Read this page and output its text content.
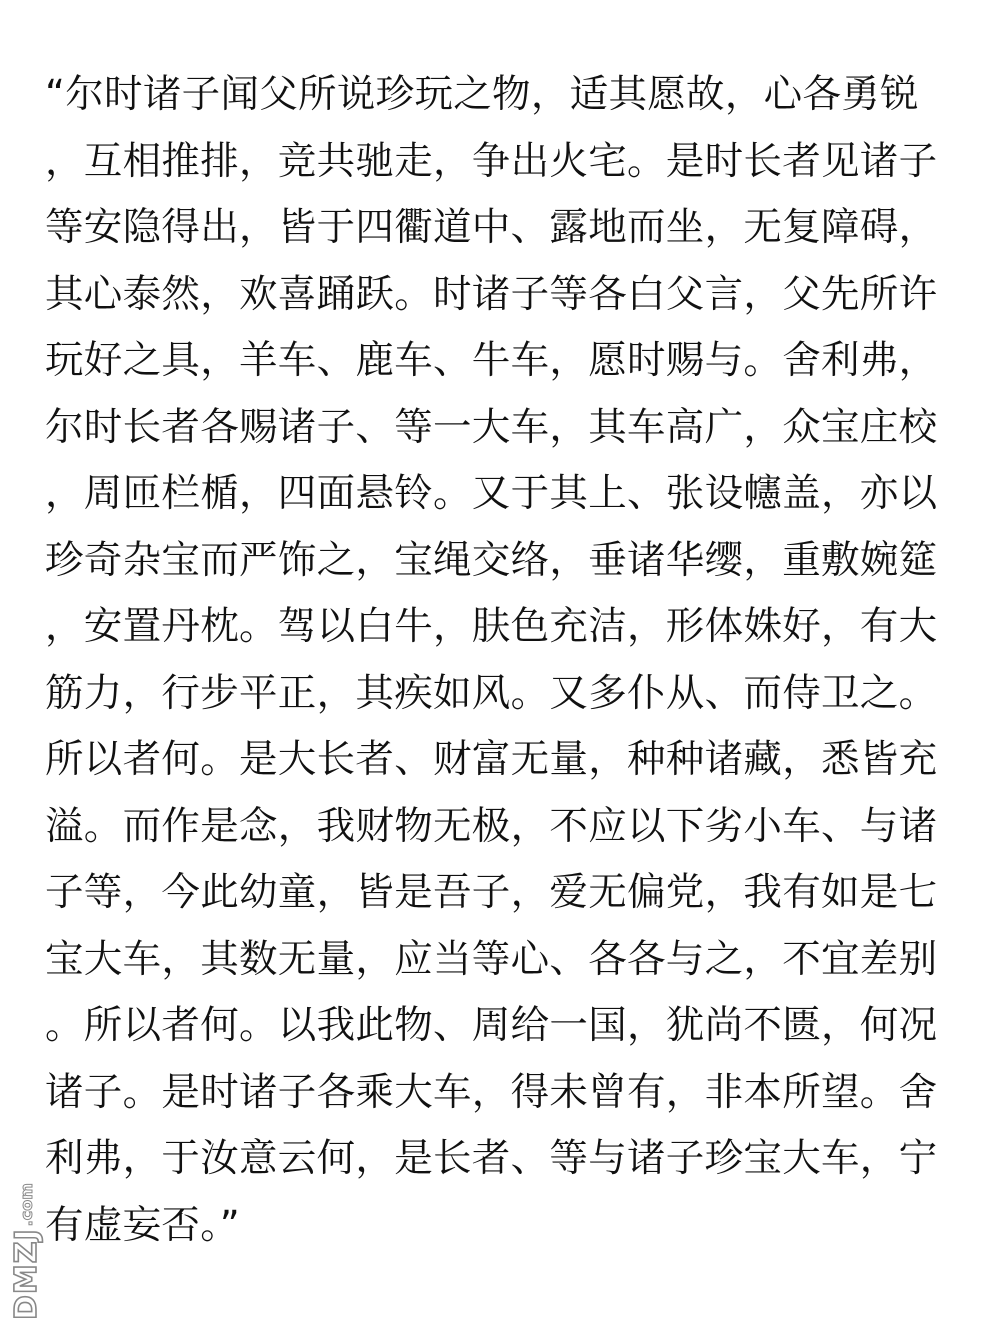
“尔时诸子闻父所说珍玩之物，适其愿故，心各勇锐
，互相推排，竞共驰走，争出火宅。是时长者见诸子
等安隐得出，皆于四衢道中、露地而坐，无复障碍，
其心泰然，欢喜踊跃。时诸子等各白父言，父先所许
玩好之具，羊车、鹿车、牛车，愿时赐与。舍利弗，
尔时长者各赐诸子、等一大车，其车高广，众宝庄校
，周匝栏楯，四面悬铃。又于其上、张设幰盖，亦以
珍奇杂宝而严饰之，宝绳交络，垂诸华缨，重敷婉筵
，安置丹枕。驾以白牛，肤色充洁，形体姝好，有大
筋力，行步平正，其疾如风。又多仆从、而侍卫之。
所以者何。是大长者、财富无量，种种诸藏，悉皆充
溢。而作是念，我财物无极，不应以下劣小车、与诸
子等，今此幼童，皆是吾子，爱无偏党，我有如是七
宝大车，其数无量，应当等心、各各与之，不宜差别
。所以者何。以我此物、周给一国，犹尚不匮，何况
诸子。是时诸子各乘大车，得未曾有，非本所望。舍
利弗，于汝意云何，是长者、等与诸子珍宝大车，宁
有虚妄否。”
DMZJ
.com
